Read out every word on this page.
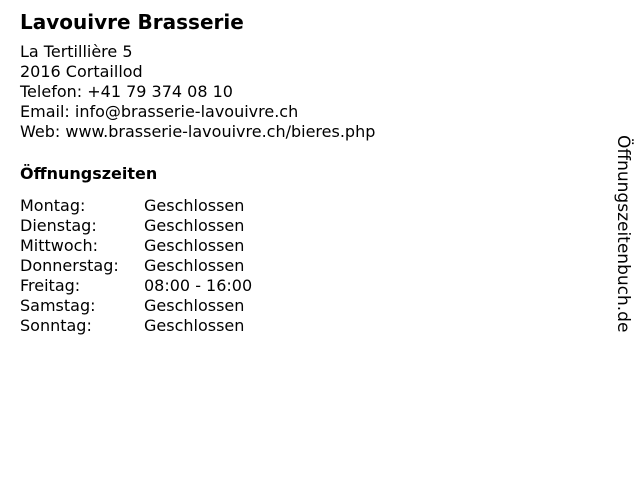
Lavouivre Brasserie
La Tertillière 5
2016 Cortaillod
Telefon: +41 79 374 08 10
Email: info@brasserie-lavouivre.ch
Web: www.brasserie-lavouivre.ch/bieres.php
Öffnungszeiten
Montag:	Geschlossen
Dienstag:	Geschlossen
Mittwoch:	Geschlossen
Donnerstag:	Geschlossen
Freitag:	08:00 - 16:00
Samstag:	Geschlossen
Sonntag:	Geschlossen	Öffnungszeitenbuch.de
